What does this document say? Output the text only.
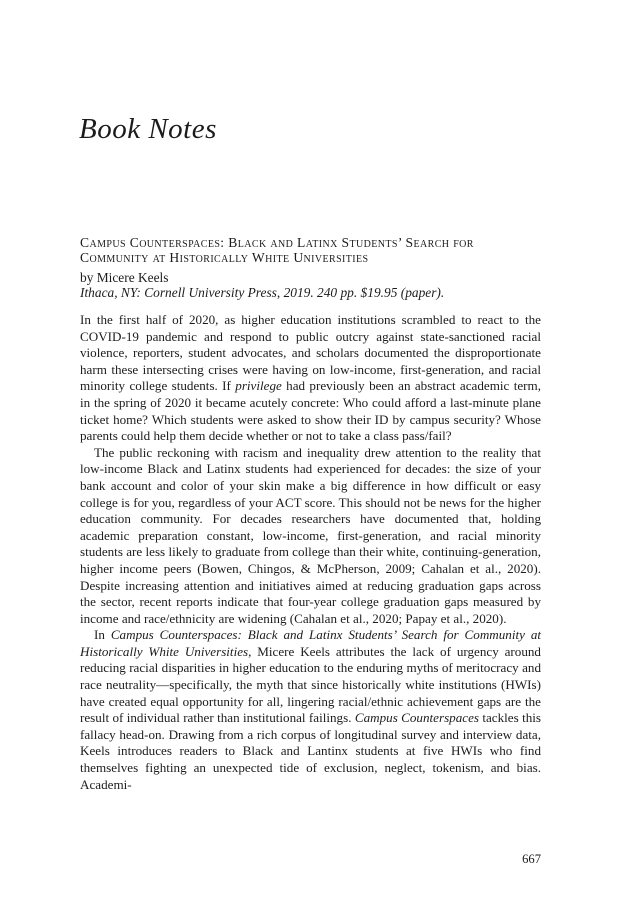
Book Notes
Campus Counterspaces: Black and Latinx Students’ Search for Community at Historically White Universities
by Micere Keels
Ithaca, NY: Cornell University Press, 2019. 240 pp. $19.95 (paper).

In the first half of 2020, as higher education institutions scrambled to react to the COVID-19 pandemic and respond to public outcry against state-sanctioned racial violence, reporters, student advocates, and scholars documented the disproportionate harm these intersecting crises were having on low-income, first-generation, and racial minority college students. If privilege had previously been an abstract academic term, in the spring of 2020 it became acutely concrete: Who could afford a last-minute plane ticket home? Which students were asked to show their ID by campus security? Whose parents could help them decide whether or not to take a class pass/fail?

The public reckoning with racism and inequality drew attention to the reality that low-income Black and Latinx students had experienced for decades: the size of your bank account and color of your skin make a big difference in how difficult or easy college is for you, regardless of your ACT score. This should not be news for the higher education community. For decades researchers have documented that, holding academic preparation constant, low-income, first-generation, and racial minority students are less likely to graduate from college than their white, continuing-generation, higher income peers (Bowen, Chingos, & McPherson, 2009; Cahalan et al., 2020). Despite increasing attention and initiatives aimed at reducing graduation gaps across the sector, recent reports indicate that four-year college graduation gaps measured by income and race/ethnicity are widening (Cahalan et al., 2020; Papay et al., 2020).

In Campus Counterspaces: Black and Latinx Students’ Search for Community at Historically White Universities, Micere Keels attributes the lack of urgency around reducing racial disparities in higher education to the enduring myths of meritocracy and race neutrality—specifically, the myth that since historically white institutions (HWIs) have created equal opportunity for all, lingering racial/ethnic achievement gaps are the result of individual rather than institutional failings. Campus Counterspaces tackles this fallacy head-on. Drawing from a rich corpus of longitudinal survey and interview data, Keels introduces readers to Black and Lantinx students at five HWIs who find themselves fighting an unexpected tide of exclusion, neglect, tokenism, and bias. Academi-

667
